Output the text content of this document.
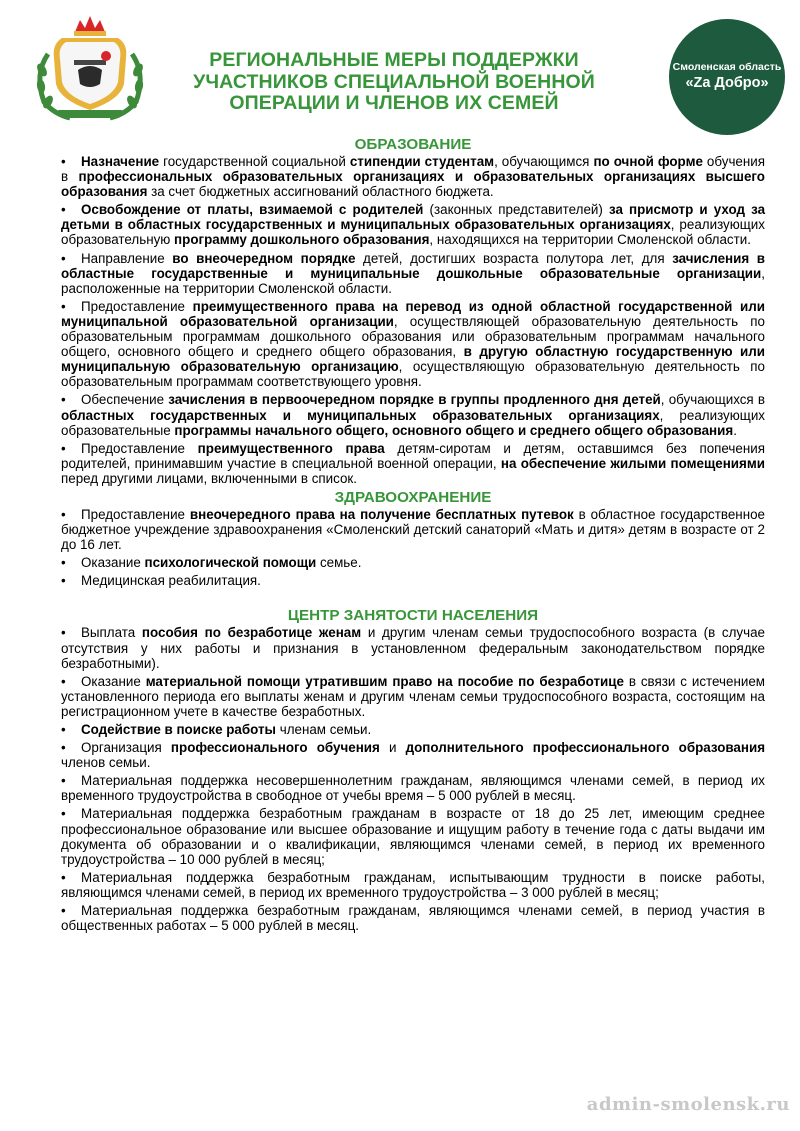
РЕГИОНАЛЬНЫЕ МЕРЫ ПОДДЕРЖКИ
УЧАСТНИКОВ СПЕЦИАЛЬНОЙ ВОЕННОЙ
ОПЕРАЦИИ И ЧЛЕНОВ ИХ СЕМЕЙ
Смоленская область
«Za Добро»
ОБРАЗОВАНИЕ
• Назначение государственной социальной стипендии студентам, обучающимся по очной форме обучения в профессиональных образовательных организациях и образовательных организациях высшего образования за счет бюджетных ассигнований областного бюджета.
• Освобождение от платы, взимаемой с родителей (законных представителей) за присмотр и уход за детьми в областных государственных и муниципальных образовательных организациях, реализующих образовательную программу дошкольного образования, находящихся на территории Смоленской области.
• Направление во внеочередном порядке детей, достигших возраста полутора лет, для зачисления в областные государственные и муниципальные дошкольные образовательные организации, расположенные на территории Смоленской области.
• Предоставление преимущественного права на перевод из одной областной государственной или муниципальной образовательной организации, осуществляющей образовательную деятельность по образовательным программам дошкольного образования или образовательным программам начального общего, основного общего и среднего общего образования, в другую областную государственную или муниципальную образовательную организацию, осуществляющую образовательную деятельность по образовательным программам соответствующего уровня.
• Обеспечение зачисления в первоочередном порядке в группы продленного дня детей, обучающихся в областных государственных и муниципальных образовательных организациях, реализующих образовательные программы начального общего, основного общего и среднего общего образования.
• Предоставление преимущественного права детям-сиротам и детям, оставшимся без попечения родителей, принимавшим участие в специальной военной операции, на обеспечение жилыми помещениями перед другими лицами, включенными в список.
ЗДРАВООХРАНЕНИЕ
• Предоставление внеочередного права на получение бесплатных путевок в областное государственное бюджетное учреждение здравоохранения «Смоленский детский санаторий «Мать и дитя» детям в возрасте от 2 до 16 лет.
• Оказание психологической помощи семье.
• Медицинская реабилитация.
ЦЕНТР ЗАНЯТОСТИ НАСЕЛЕНИЯ
• Выплата пособия по безработице женам и другим членам семьи трудоспособного возраста (в случае отсутствия у них работы и признания в установленном федеральным законодательством порядке безработными).
• Оказание материальной помощи утратившим право на пособие по безработице в связи с истечением установленного периода его выплаты женам и другим членам семьи трудоспособного возраста, состоящим на регистрационном учете в качестве безработных.
• Содействие в поиске работы членам семьи.
• Организация профессионального обучения и дополнительного профессионального образования членов семьи.
• Материальная поддержка несовершеннолетним гражданам, являющимся членами семей, в период их временного трудоустройства в свободное от учебы время – 5 000 рублей в месяц.
• Материальная поддержка безработным гражданам в возрасте от 18 до 25 лет, имеющим среднее профессиональное образование или высшее образование и ищущим работу в течение года с даты выдачи им документа об образовании и о квалификации, являющимся членами семей, в период их временного трудоустройства – 10 000 рублей в месяц;
• Материальная поддержка безработным гражданам, испытывающим трудности в поиске работы, являющимся членами семей, в период их временного трудоустройства – 3 000 рублей в месяц;
• Материальная поддержка безработным гражданам, являющимся членами семей, в период участия в общественных работах – 5 000 рублей в месяц.
admin-smolensk.ru
